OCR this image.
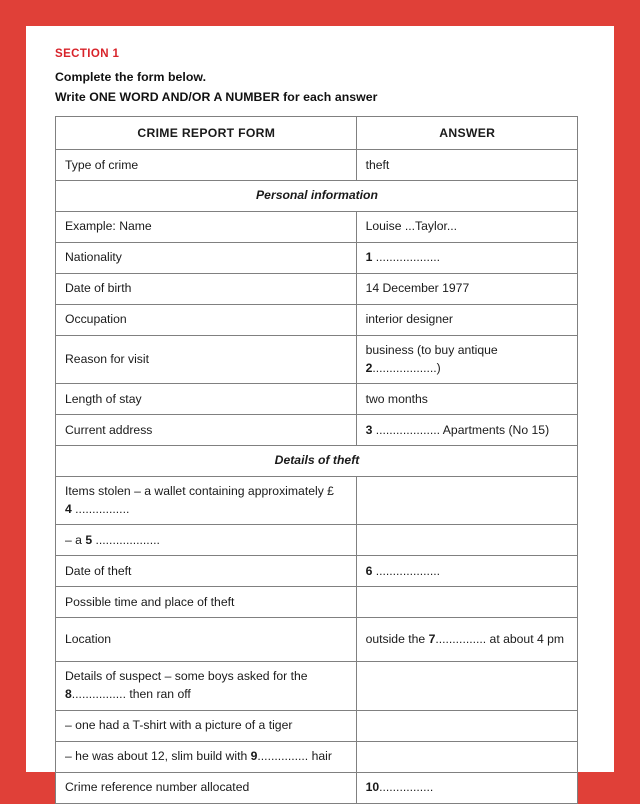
SECTION 1
Complete the form below.
Write ONE WORD AND/OR A NUMBER for each answer
CRIME REPORT FORM	ANSWER
Type of crime	theft
Personal information	
Example: Name	Louise ...Taylor...
Nationality	1 ...................
Date of birth	14 December 1977
Occupation	interior designer
Reason for visit	business (to buy antique
2...................)
Length of stay	two months
Current address	3 ................... Apartments (No 15)
Details of theft	
Items stolen – a wallet containing approximately £
4 ................	
– a 5 ...................	
Date of theft	6 ...................
Possible time and place of theft	
Location	outside the 7............... at about 4 pm
Details of suspect – some boys asked for the
8................ then ran off	
– one had a T-shirt with a picture of a tiger	
– he was about 12, slim build with 9............... hair	
Crime reference number allocated	10................
